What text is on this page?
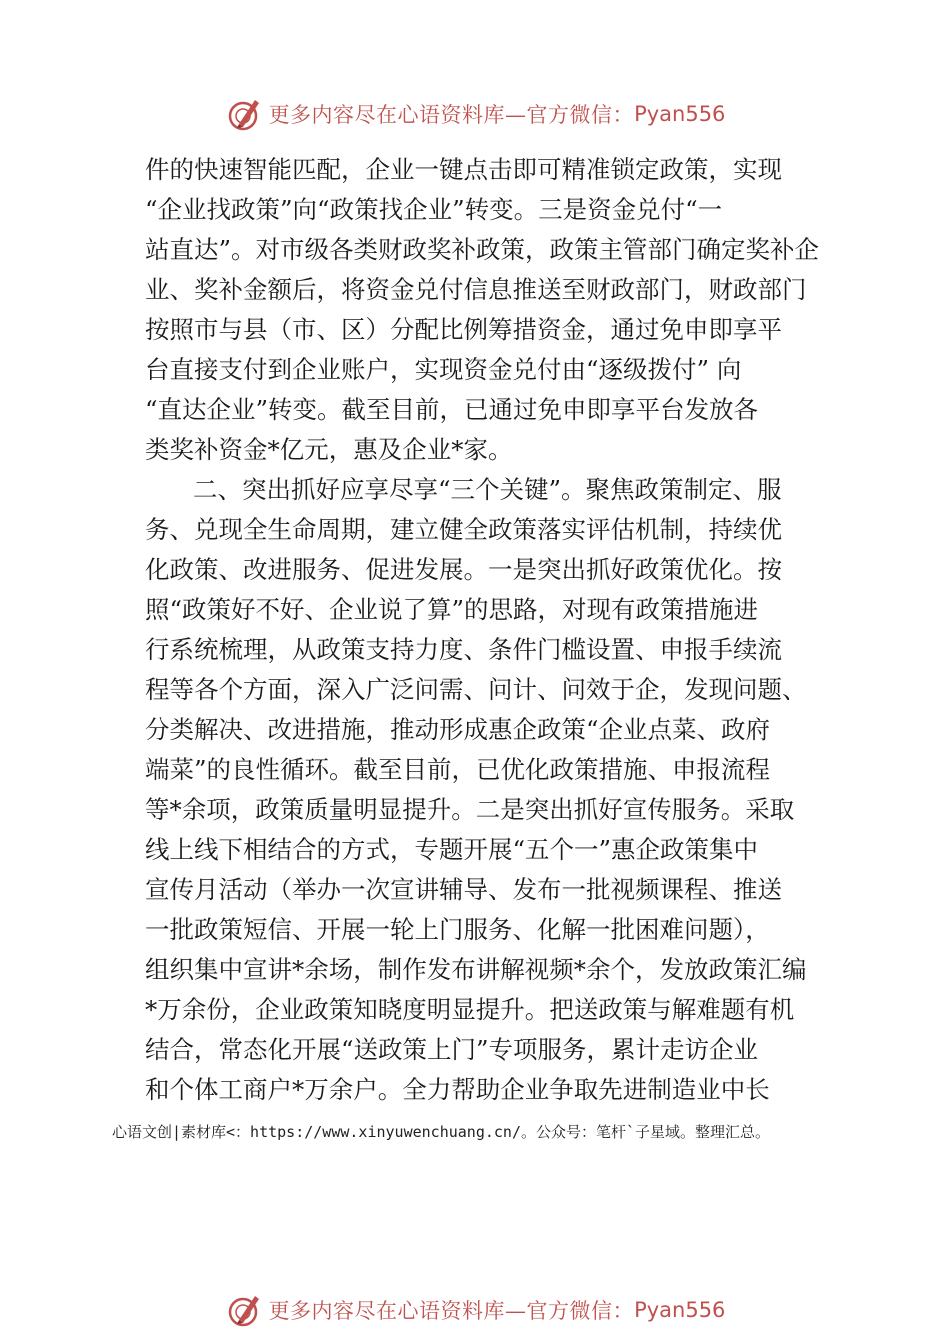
更多内容尽在心语资料库—官方微信： Pyan556
件的快速智能匹配，企业一键点击即可精准锁定政策，实现
“企业找政策”向“政策找企业”转变。三是资金兑付“一
站直达”。对市级各类财政奖补政策，政策主管部门确定奖补企
业、奖补金额后，将资金兑付信息推送至财政部门，财政部门
按照市与县（市、区）分配比例筹措资金，通过免申即享平
台直接支付到企业账户，实现资金兑付由“逐级拨付” 向
“直达企业”转变。截至目前，已通过免申即享平台发放各
类奖补资金*亿元，惠及企业*家。
二、突出抓好应享尽享“三个关键”。聚焦政策制定、服
务、兑现全生命周期，建立健全政策落实评估机制，持续优
化政策、改进服务、促进发展。一是突出抓好政策优化。按
照“政策好不好、企业说了算”的思路，对现有政策措施进
行系统梳理，从政策支持力度、条件门槛设置、申报手续流
程等各个方面，深入广泛问需、问计、问效于企，发现问题、
分类解决、改进措施，推动形成惠企政策“企业点菜、政府
端菜”的良性循环。截至目前，已优化政策措施、申报流程
等*余项，政策质量明显提升。二是突出抓好宣传服务。采取
线上线下相结合的方式，专题开展“五个一”惠企政策集中
宣传月活动（举办一次宣讲辅导、发布一批视频课程、推送
一批政策短信、开展一轮上门服务、化解一批困难问题），
组织集中宣讲*余场，制作发布讲解视频*余个，发放政策汇编
*万余份，企业政策知晓度明显提升。把送政策与解难题有机
结合，常态化开展“送政策上门”专项服务，累计走访企业
和个体工商户*万余户。全力帮助企业争取先进制造业中长
心语文创|素材库<：https://www.xinyuwenchuang.cn/。公众号：笔杆`子星域。整理汇总。
更多内容尽在心语资料库—官方微信： Pyan556
